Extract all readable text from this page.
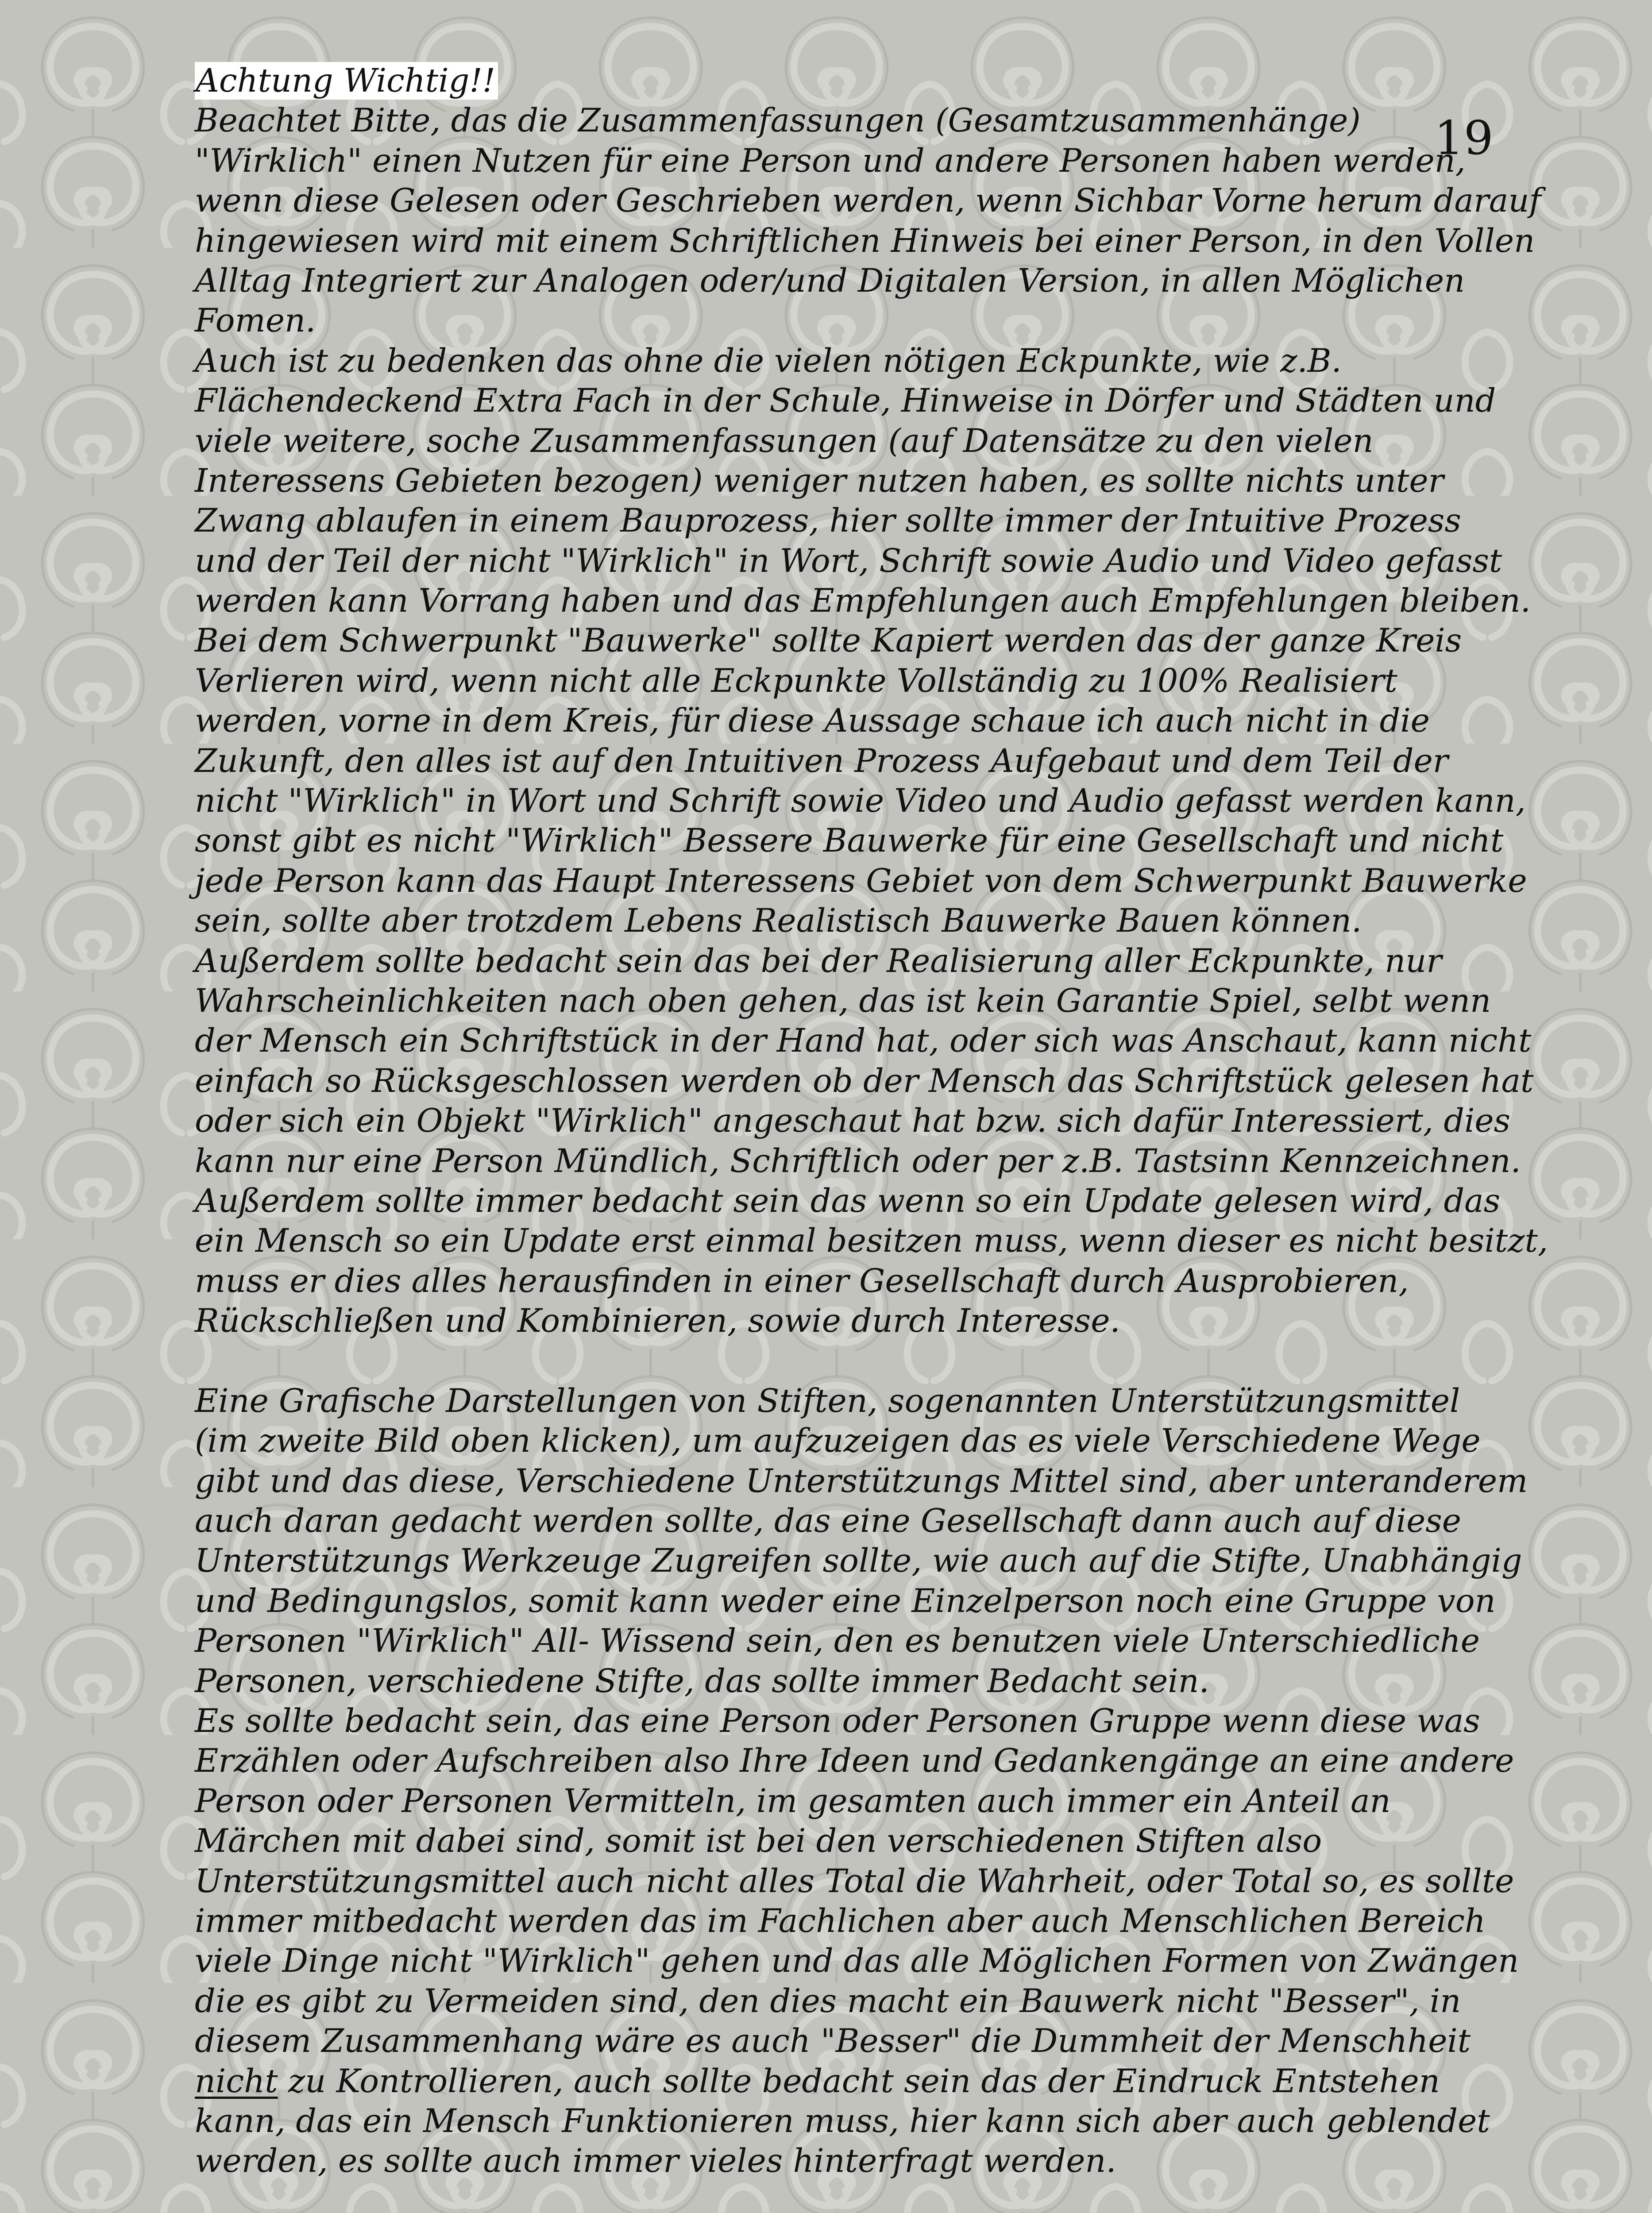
19
Achtung Wichtig!!
Beachtet Bitte, das die Zusammenfassungen (Gesamtzusammenhänge)
"Wirklich" einen Nutzen für eine Person und andere Personen haben werden,
wenn diese Gelesen oder Geschrieben werden, wenn Sichbar Vorne herum darauf
hingewiesen wird mit einem Schriftlichen Hinweis bei einer Person, in den Vollen
Alltag Integriert zur Analogen oder/und Digitalen Version, in allen Möglichen
Fomen.
Auch ist zu bedenken das ohne die vielen nötigen Eckpunkte, wie z.B.
Flächendeckend Extra Fach in der Schule, Hinweise in Dörfer und Städten und
viele weitere, soche Zusammenfassungen (auf Datensätze zu den vielen
Interessens Gebieten bezogen) weniger nutzen haben, es sollte nichts unter
Zwang ablaufen in einem Bauprozess, hier sollte immer der Intuitive Prozess
und der Teil der nicht "Wirklich" in Wort, Schrift sowie Audio und Video gefasst
werden kann Vorrang haben und das Empfehlungen auch Empfehlungen bleiben.
Bei dem Schwerpunkt "Bauwerke" sollte Kapiert werden das der ganze Kreis
Verlieren wird, wenn nicht alle Eckpunkte Vollständig zu 100% Realisiert
werden, vorne in dem Kreis, für diese Aussage schaue ich auch nicht in die
Zukunft, den alles ist auf den Intuitiven Prozess Aufgebaut und dem Teil der
nicht "Wirklich" in Wort und Schrift sowie Video und Audio gefasst werden kann,
sonst gibt es nicht "Wirklich" Bessere Bauwerke für eine Gesellschaft und nicht
jede Person kann das Haupt Interessens Gebiet von dem Schwerpunkt Bauwerke
sein, sollte aber trotzdem Lebens Realistisch Bauwerke Bauen können.
Außerdem sollte bedacht sein das bei der Realisierung aller Eckpunkte, nur
Wahrscheinlichkeiten nach oben gehen, das ist kein Garantie Spiel, selbt wenn
der Mensch ein Schriftstück in der Hand hat, oder sich was Anschaut, kann nicht
einfach so Rücksgeschlossen werden ob der Mensch das Schriftstück gelesen hat
oder sich ein Objekt "Wirklich" angeschaut hat bzw. sich dafür Interessiert, dies
kann nur eine Person Mündlich, Schriftlich oder per z.B. Tastsinn Kennzeichnen.
Außerdem sollte immer bedacht sein das wenn so ein Update gelesen wird, das
ein Mensch so ein Update erst einmal besitzen muss, wenn dieser es nicht besitzt,
muss er dies alles herausfinden in einer Gesellschaft durch Ausprobieren,
Rückschließen und Kombinieren, sowie durch Interesse.
Eine Grafische Darstellungen von Stiften, sogenannten Unterstützungsmittel
(im zweite Bild oben klicken), um aufzuzeigen das es viele Verschiedene Wege
gibt und das diese, Verschiedene Unterstützungs Mittel sind, aber unteranderem
auch daran gedacht werden sollte, das eine Gesellschaft dann auch auf diese
Unterstützungs Werkzeuge Zugreifen sollte, wie auch auf die Stifte, Unabhängig
und Bedingungslos, somit kann weder eine Einzelperson noch eine Gruppe von
Personen "Wirklich" All- Wissend sein, den es benutzen viele Unterschiedliche
Personen, verschiedene Stifte, das sollte immer Bedacht sein.
Es sollte bedacht sein, das eine Person oder Personen Gruppe wenn diese was
Erzählen oder Aufschreiben also Ihre Ideen und Gedankengänge an eine andere
Person oder Personen Vermitteln, im gesamten auch immer ein Anteil an
Märchen mit dabei sind, somit ist bei den verschiedenen Stiften also
Unterstützungsmittel auch nicht alles Total die Wahrheit, oder Total so, es sollte
immer mitbedacht werden das im Fachlichen aber auch Menschlichen Bereich
viele Dinge nicht "Wirklich" gehen und das alle Möglichen Formen von Zwängen
die es gibt zu Vermeiden sind, den dies macht ein Bauwerk nicht "Besser", in
diesem Zusammenhang wäre es auch "Besser" die Dummheit der Menschheit
nicht zu Kontrollieren, auch sollte bedacht sein das der Eindruck Entstehen
kann, das ein Mensch Funktionieren muss, hier kann sich aber auch geblendet
werden, es sollte auch immer vieles hinterfragt werden.
